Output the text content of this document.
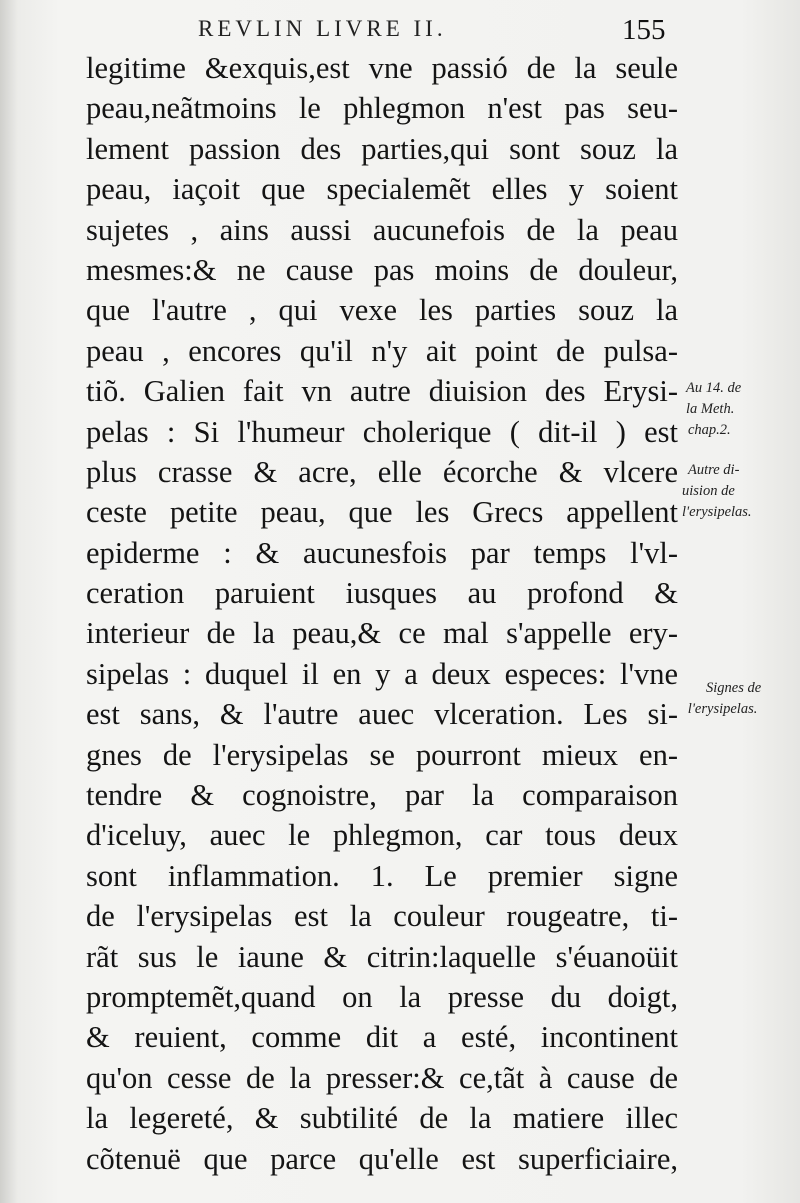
REVLIN LIVRE II.	155
legitime &exquis,est vne passió de la seule
peau,neãtmoins le phlegmon n'est pas seu-
lement passion des parties,qui sont souz la
peau, iaçoit que specialemẽt elles y soient
sujetes , ains aussi aucunefois de la peau
mesmes:& ne cause pas moins de douleur,
que l'autre , qui vexe les parties souz la
peau , encores qu'il n'y ait point de pulsa-
tiõ. Galien fait vn autre diuision des Erysi-
pelas : Si l'humeur cholerique ( dit-il ) est
plus crasse & acre, elle écorche & vlcere
ceste petite peau, que les Grecs appellent
epiderme : & aucunesfois par temps l'vl-
ceration paruient iusques au profond &
interieur de la peau,& ce mal s'appelle ery-
sipelas : duquel il en y a deux especes: l'vne
est sans, & l'autre auec vlceration. Les si-
gnes de l'erysipelas se pourront mieux en-
tendre & cognoistre, par la comparaison
d'iceluy, auec le phlegmon, car tous deux
sont inflammation. 1. Le premier signe
de l'erysipelas est la couleur rougeatre, ti-
rãt sus le iaune & citrin:laquelle s'éuanoüit
promptemẽt,quand on la presse du doigt,
& reuient, comme dit a esté, incontinent
qu'on cesse de la presser:& ce,tãt à cause de
la legereté, & subtilité de la matiere illec
cõtenuë que parce qu'elle est superficiaire,
Au 14. de
la Meth.
chap.2.
Autre di-
uision de
l'erysipelas.
Signes de
l'erysipelas.
